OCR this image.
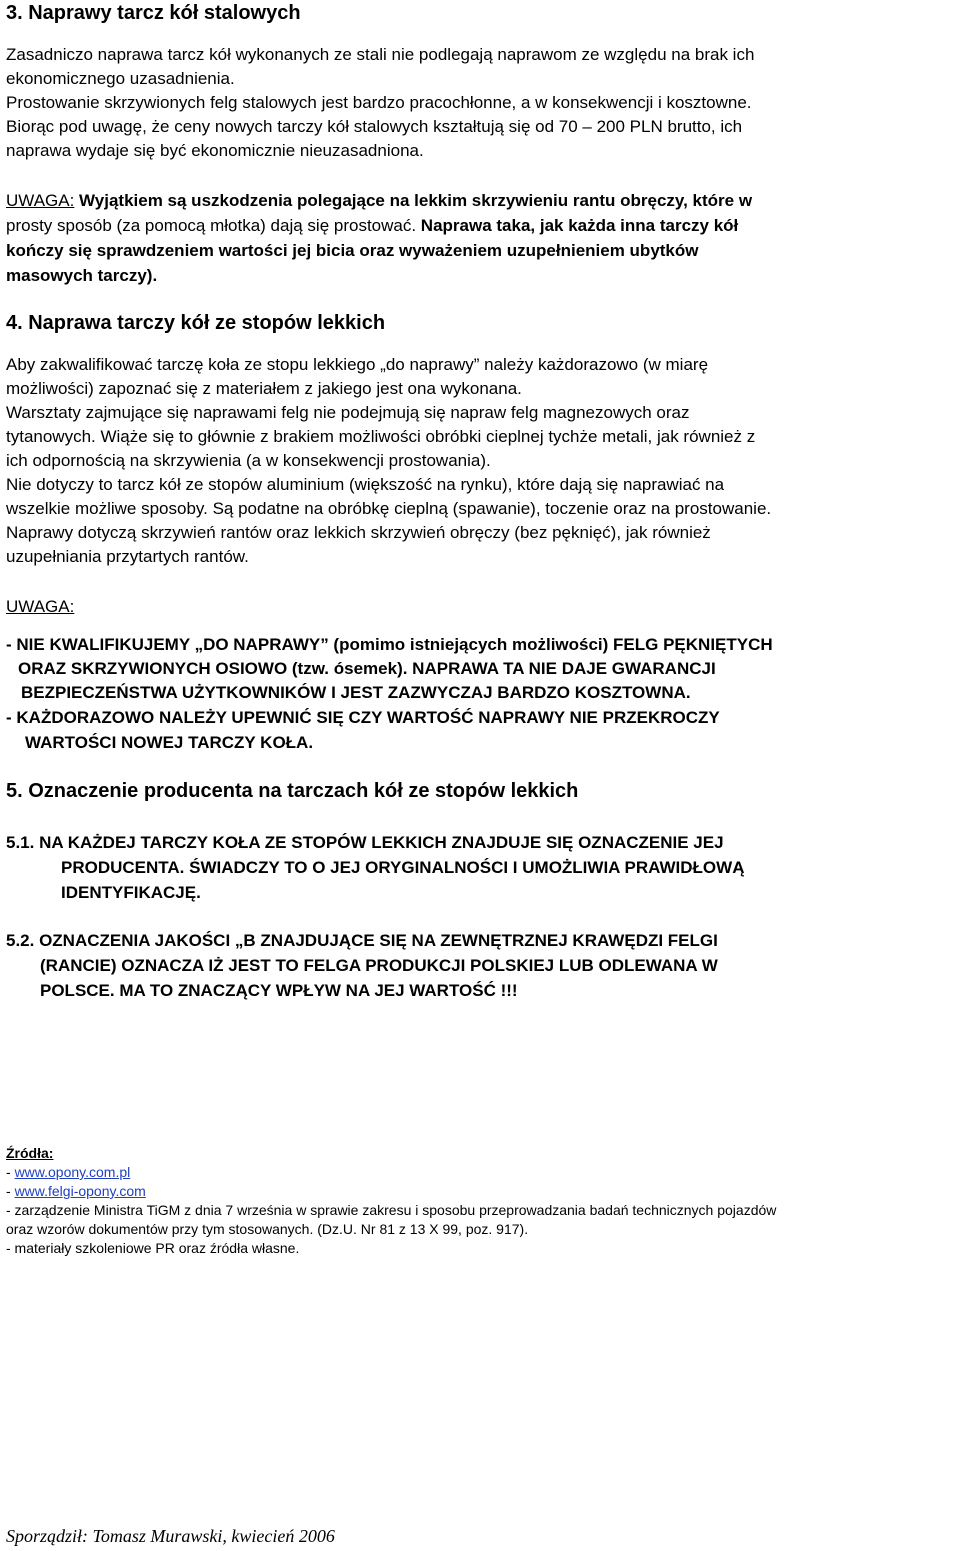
3. Naprawy tarcz kół stalowych
Zasadniczo naprawa tarcz kół wykonanych ze stali nie podlegają naprawom ze względu na brak ich
ekonomicznego uzasadnienia.
Prostowanie skrzywionych felg stalowych jest bardzo pracochłonne, a w konsekwencji i kosztowne.
Biorąc pod uwagę, że ceny nowych tarczy kół stalowych kształtują się od 70 – 200 PLN brutto, ich
naprawa wydaje się być ekonomicznie nieuzasadniona.
UWAGA: Wyjątkiem są uszkodzenia polegające na lekkim skrzywieniu rantu obręczy, które w
prosty sposób (za pomocą młotka) dają się prostować. Naprawa taka, jak każda inna tarczy kół
kończy się sprawdzeniem wartości jej bicia oraz wyważeniem uzupełnieniem ubytków
masowych tarczy).
4. Naprawa tarczy kół ze stopów lekkich
Aby zakwalifikować tarczę koła ze stopu lekkiego „do naprawy” należy każdorazowo (w miarę
możliwości) zapoznać się z materiałem z jakiego jest ona wykonana.
Warsztaty zajmujące się naprawami felg nie podejmują się napraw felg magnezowych oraz
tytanowych. Wiąże się to głównie z brakiem możliwości obróbki cieplnej tychże metali, jak również z
ich odpornością na skrzywienia (a w konsekwencji prostowania).
Nie dotyczy to tarcz kół ze stopów aluminium (większość na rynku), które dają się naprawiać na
wszelkie możliwe sposoby. Są podatne na obróbkę cieplną (spawanie), toczenie oraz na prostowanie.
Naprawy dotyczą skrzywień rantów oraz lekkich skrzywień obręczy (bez pęknięć), jak również
uzupełniania przytartych rantów.
UWAGA:
- NIE KWALIFIKUJEMY „DO NAPRAWY” (pomimo istniejących możliwości) FELG PĘKNIĘTYCH
ORAZ SKRZYWIONYCH OSIOWO (tzw. ósemek). NAPRAWA TA NIE DAJE GWARANCJI
BEZPIECZEŃSTWA UŻYTKOWNIKÓW I JEST ZAZWYCZAJ BARDZO KOSZTOWNA.
- KAŻDORAZOWO NALEŻY UPEWNIĆ SIĘ CZY WARTOŚĆ NAPRAWY NIE PRZEKROCZY
WARTOŚCI NOWEJ TARCZY KOŁA.
5. Oznaczenie producenta na tarczach kół ze stopów lekkich
5.1. NA KAŻDEJ TARCZY KOŁA ZE STOPÓW LEKKICH ZNAJDUJE SIĘ OZNACZENIE JEJ
PRODUCENTA. ŚWIADCZY TO O JEJ ORYGINALNOŚCI I UMOŻLIWIA PRAWIDŁOWĄ
IDENTYFIKACJĘ.
5.2. OZNACZENIA JAKOŚCI „B ZNAJDUJĄCE SIĘ NA ZEWNĘTRZNEJ KRAWĘDZI FELGI
(RANCIE) OZNACZA IŻ JEST TO FELGA PRODUKCJI POLSKIEJ LUB ODLEWANA W
POLSCE. MA TO ZNACZĄCY WPŁYW NA JEJ WARTOŚĆ !!!
Źródła:
- www.opony.com.pl
- www.felgi-opony.com
- zarządzenie Ministra TiGM z dnia 7 września w sprawie zakresu i sposobu przeprowadzania badań technicznych pojazdów
oraz wzorów dokumentów przy tym stosowanych. (Dz.U. Nr 81 z 13 X 99, poz. 917).
- materiały szkoleniowe PR oraz źródła własne.
Sporządził: Tomasz Murawski, kwiecień 2006
